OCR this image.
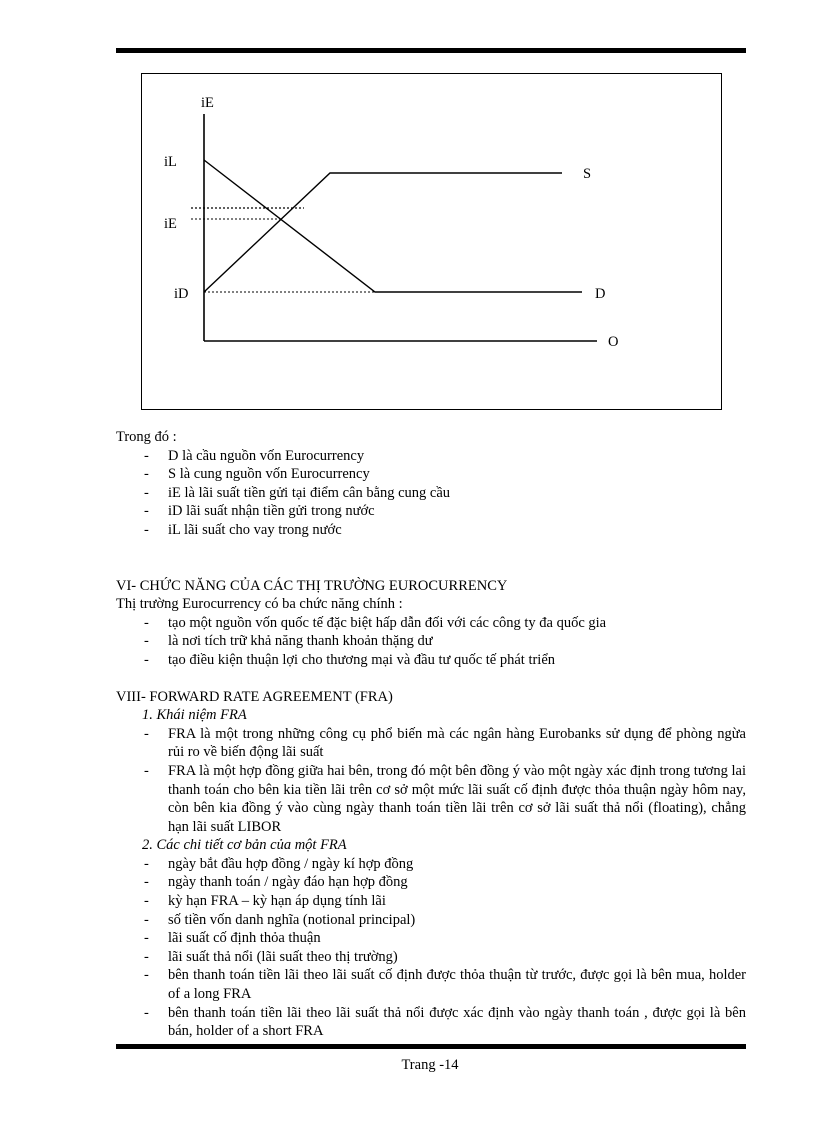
iE
iL
iE
iD
S
D
O

Trong đó :

- D là cầu nguồn vốn Eurocurrency
- S là cung nguồn vốn Eurocurrency
- iE là lãi suất tiền gửi tại điểm cân bằng cung cầu
- iD lãi suất nhận tiền gửi trong nước
- iL lãi suất cho vay trong nước

VI- CHỨC NĂNG CỦA CÁC THỊ TRƯỜNG EUROCURRENCY

Thị trường Eurocurrency có ba chức năng chính :

- tạo một nguồn vốn quốc tế đặc biệt hấp dẫn đối với các công ty đa quốc gia
- là nơi tích trữ khả năng thanh khoản thặng dư
- tạo điều kiện thuận lợi cho thương mại và đầu tư quốc tế phát triển

VIII- FORWARD RATE AGREEMENT (FRA)

1. Khái niệm FRA

- FRA là một trong những công cụ phổ biến mà các ngân hàng Eurobanks sử dụng để phòng ngừa rủi ro về biến động lãi suất
- FRA là một hợp đồng giữa hai bên, trong đó một bên đồng ý vào một ngày xác định trong tương lai thanh toán cho bên kia tiền lãi trên cơ sở một mức lãi suất cố định được thỏa thuận ngày hôm nay, còn bên kia đồng ý vào cùng ngày thanh toán tiền lãi trên cơ sở lãi suất thả nổi (floating), chẳng hạn lãi suất LIBOR

2. Các chi tiết cơ bản của một FRA

- ngày bắt đầu hợp đồng / ngày kí hợp đồng
- ngày thanh toán / ngày đáo hạn hợp đồng
- kỳ hạn FRA – kỳ hạn áp dụng tính lãi
- số tiền vốn danh nghĩa (notional principal)
- lãi suất cố định thỏa thuận
- lãi suất thả nổi (lãi suất theo thị trường)
- bên thanh toán tiền lãi theo lãi suất cố định được thỏa thuận từ trước, được gọi là bên mua, holder of a long FRA
- bên thanh toán tiền lãi theo lãi suất thả nổi được xác định vào ngày thanh toán , được gọi là bên bán, holder of a short FRA
Trang -14
